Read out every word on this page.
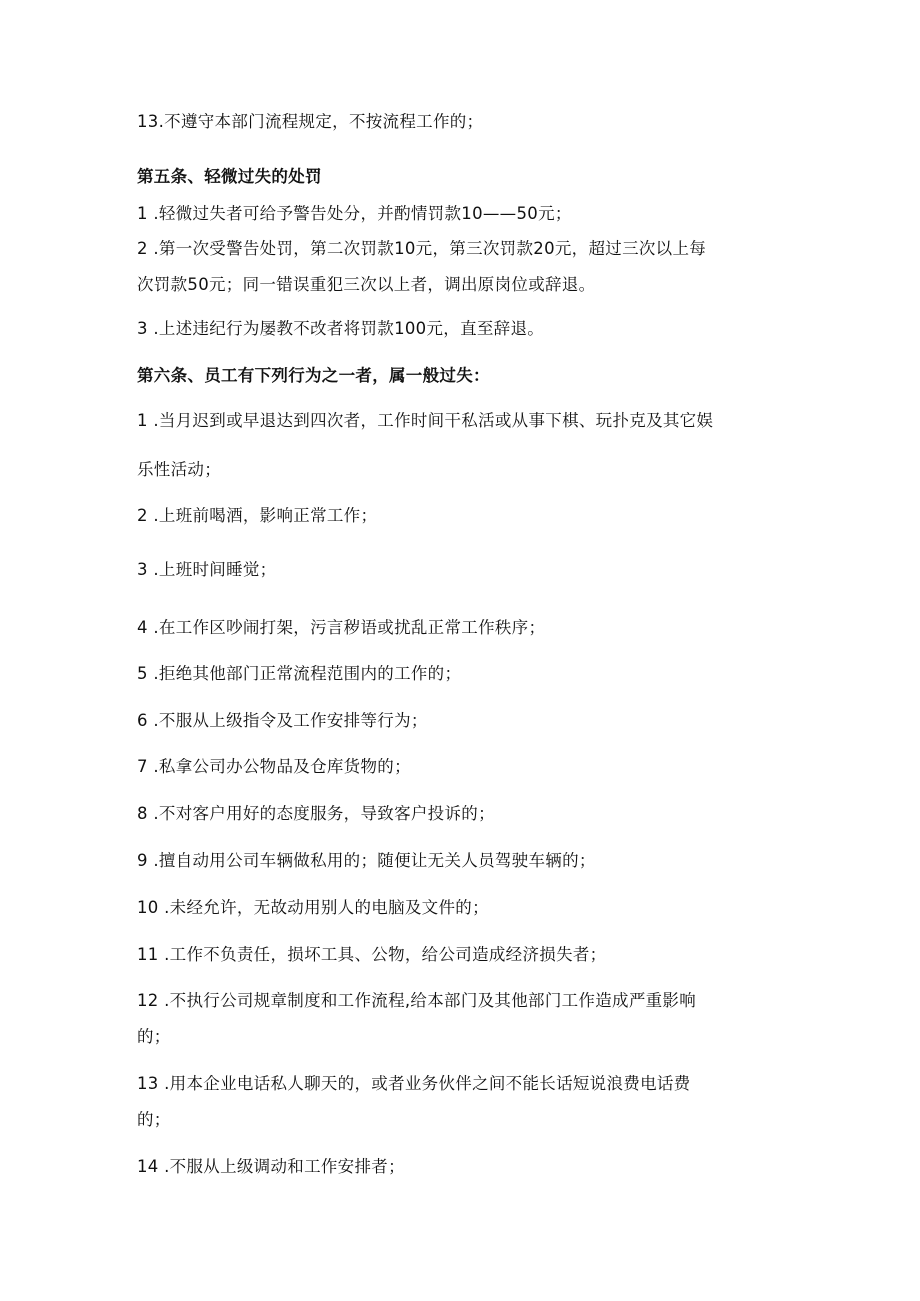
13.不遵守本部门流程规定，不按流程工作的；
第五条、轻微过失的处罚
1 .轻微过失者可给予警告处分，并酌情罚款10——50元；
2 .第一次受警告处罚，第二次罚款10元，第三次罚款20元，超过三次以上每
次罚款50元；同一错误重犯三次以上者，调出原岗位或辞退。
3 .上述违纪行为屡教不改者将罚款100元，直至辞退。
第六条、员工有下列行为之一者，属一般过失：
1 .当月迟到或早退达到四次者，工作时间干私活或从事下棋、玩扑克及其它娱
乐性活动；
2 .上班前喝酒，影响正常工作；
3 .上班时间睡觉；
4 .在工作区吵闹打架，污言秽语或扰乱正常工作秩序；
5 .拒绝其他部门正常流程范围内的工作的；
6 .不服从上级指令及工作安排等行为；
7 .私拿公司办公物品及仓库货物的；
8 .不对客户用好的态度服务，导致客户投诉的；
9 .擅自动用公司车辆做私用的；随便让无关人员驾驶车辆的；
10 .未经允许，无故动用别人的电脑及文件的；
11 .工作不负责任，损坏工具、公物，给公司造成经济损失者；
12 .不执行公司规章制度和工作流程,给本部门及其他部门工作造成严重影响
的；
13 .用本企业电话私人聊天的，或者业务伙伴之间不能长话短说浪费电话费
的；
14 .不服从上级调动和工作安排者；
